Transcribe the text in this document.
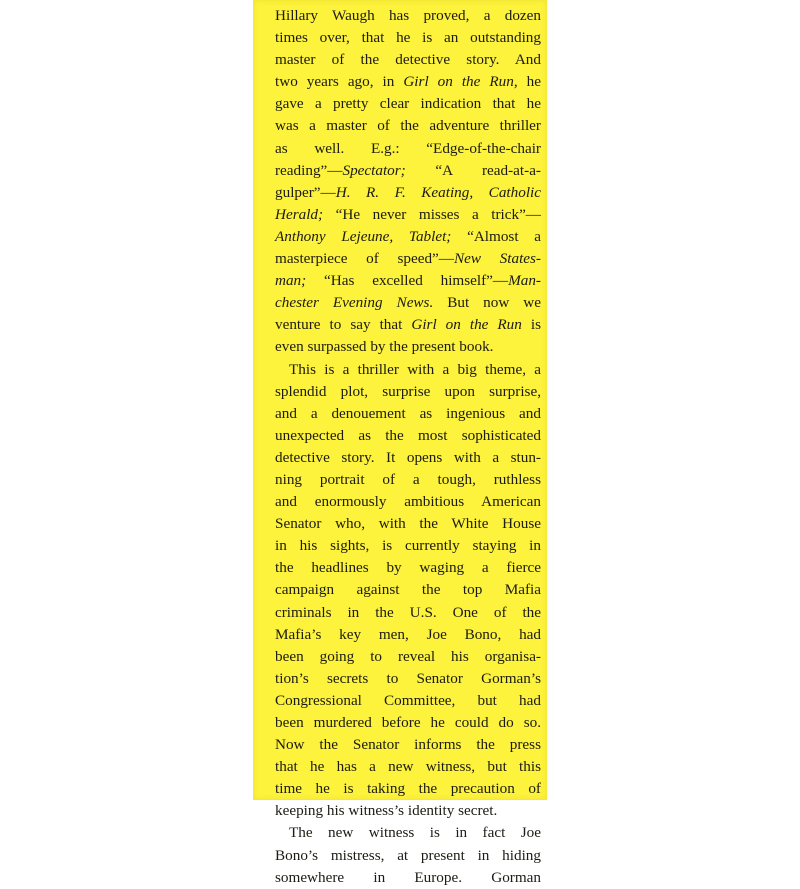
Hillary Waugh has proved, a dozen
times over, that he is an outstanding
master of the detective story. And
two years ago, in Girl on the Run, he
gave a pretty clear indication that he
was a master of the adventure thriller
as well. E.g.: “Edge-of-the-chair
reading”—Spectator; “A read-at-a-
gulper”—H. R. F. Keating, Catholic
Herald; “He never misses a trick”—
Anthony Lejeune, Tablet; “Almost a
masterpiece of speed”—New States-
man; “Has excelled himself”—Man-
chester Evening News. But now we
venture to say that Girl on the Run is
even surpassed by the present book.
This is a thriller with a big theme, a
splendid plot, surprise upon surprise,
and a denouement as ingenious and
unexpected as the most sophisticated
detective story. It opens with a stun-
ning portrait of a tough, ruthless
and enormously ambitious American
Senator who, with the White House
in his sights, is currently staying in
the headlines by waging a fierce
campaign against the top Mafia
criminals in the U.S. One of the
Mafia’s key men, Joe Bono, had
been going to reveal his organisa-
tion’s secrets to Senator Gorman’s
Congressional Committee, but had
been murdered before he could do so.
Now the Senator informs the press
that he has a new witness, but this
time he is taking the precaution of
keeping his witness’s identity secret.
The new witness is in fact Joe
Bono’s mistress, at present in hiding
somewhere in Europe. Gorman
